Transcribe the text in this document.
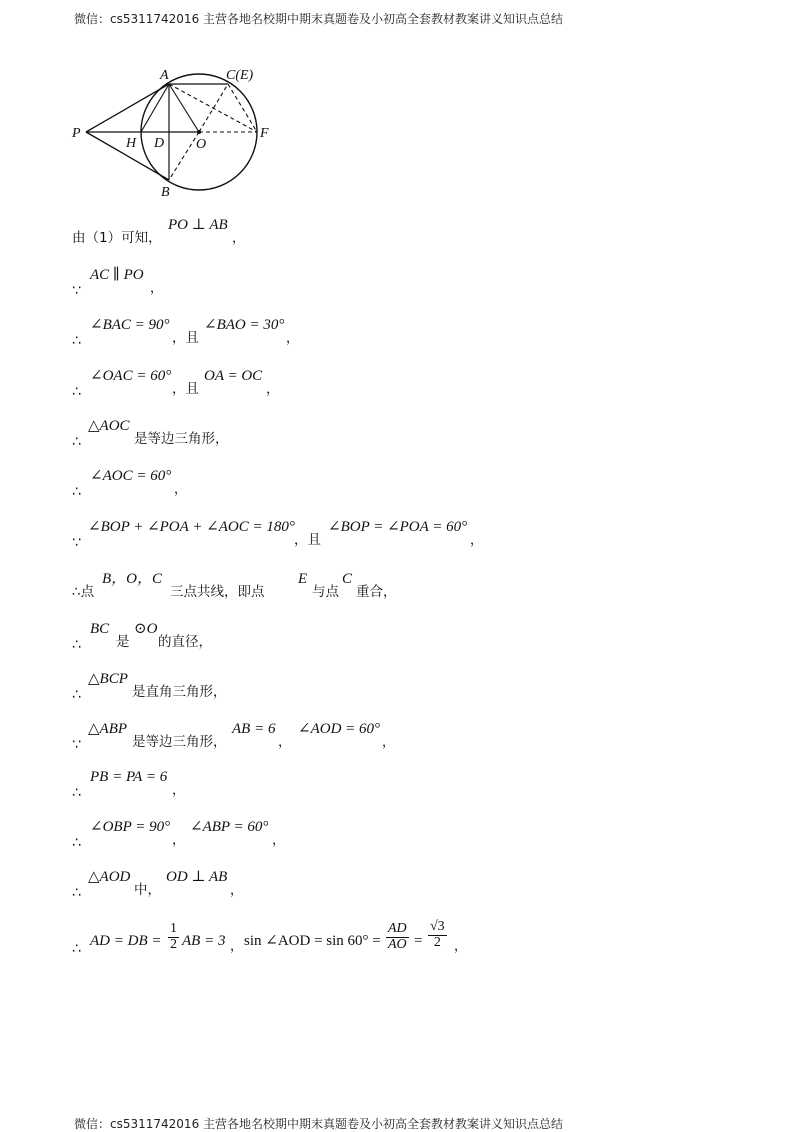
微信：cs5311742016 主营各地名校期中期末真题卷及小初高全套教材教案讲义知识点总结
A	C(E)
P
H D O
F
B
由（1）可知，
PO ⊥ AB
，
∵
AC ∥ PO
，
∴
∠BAC = 90°
，且
∠BAO = 30°
，
∴
∠OAC = 60°
，且
OA = OC
，
∴
△AOC
是等边三角形，
∴
∠AOC = 60°
，
∵
∠BOP + ∠POA + ∠AOC = 180°
，且
∠BOP = ∠POA = 60°
，
∴点
B，O，C
三点共线，即点
E
与点
C
重合，
∴
BC
是
⊙O
的直径，
∴
△BCP
是直角三角形，
∵
△ABP
是等边三角形，
AB = 6
，
∠AOD = 60°
，
∴
PB = PA = 6
，
∴
∠OBP = 90°
，
∠ABP = 60°
，
∴
△AOD
中，
OD ⊥ AB
，
∴ AD = DB = $\frac{1}{2}$ AB = 3 ， sin ∠AOD = $\sin 60^\circ = \frac{AD}{AO} = \frac{√3}{2}$ ，
微信：cs5311742016 主营各地名校期中期末真题卷及小初高全套教材教案讲义知识点总结
